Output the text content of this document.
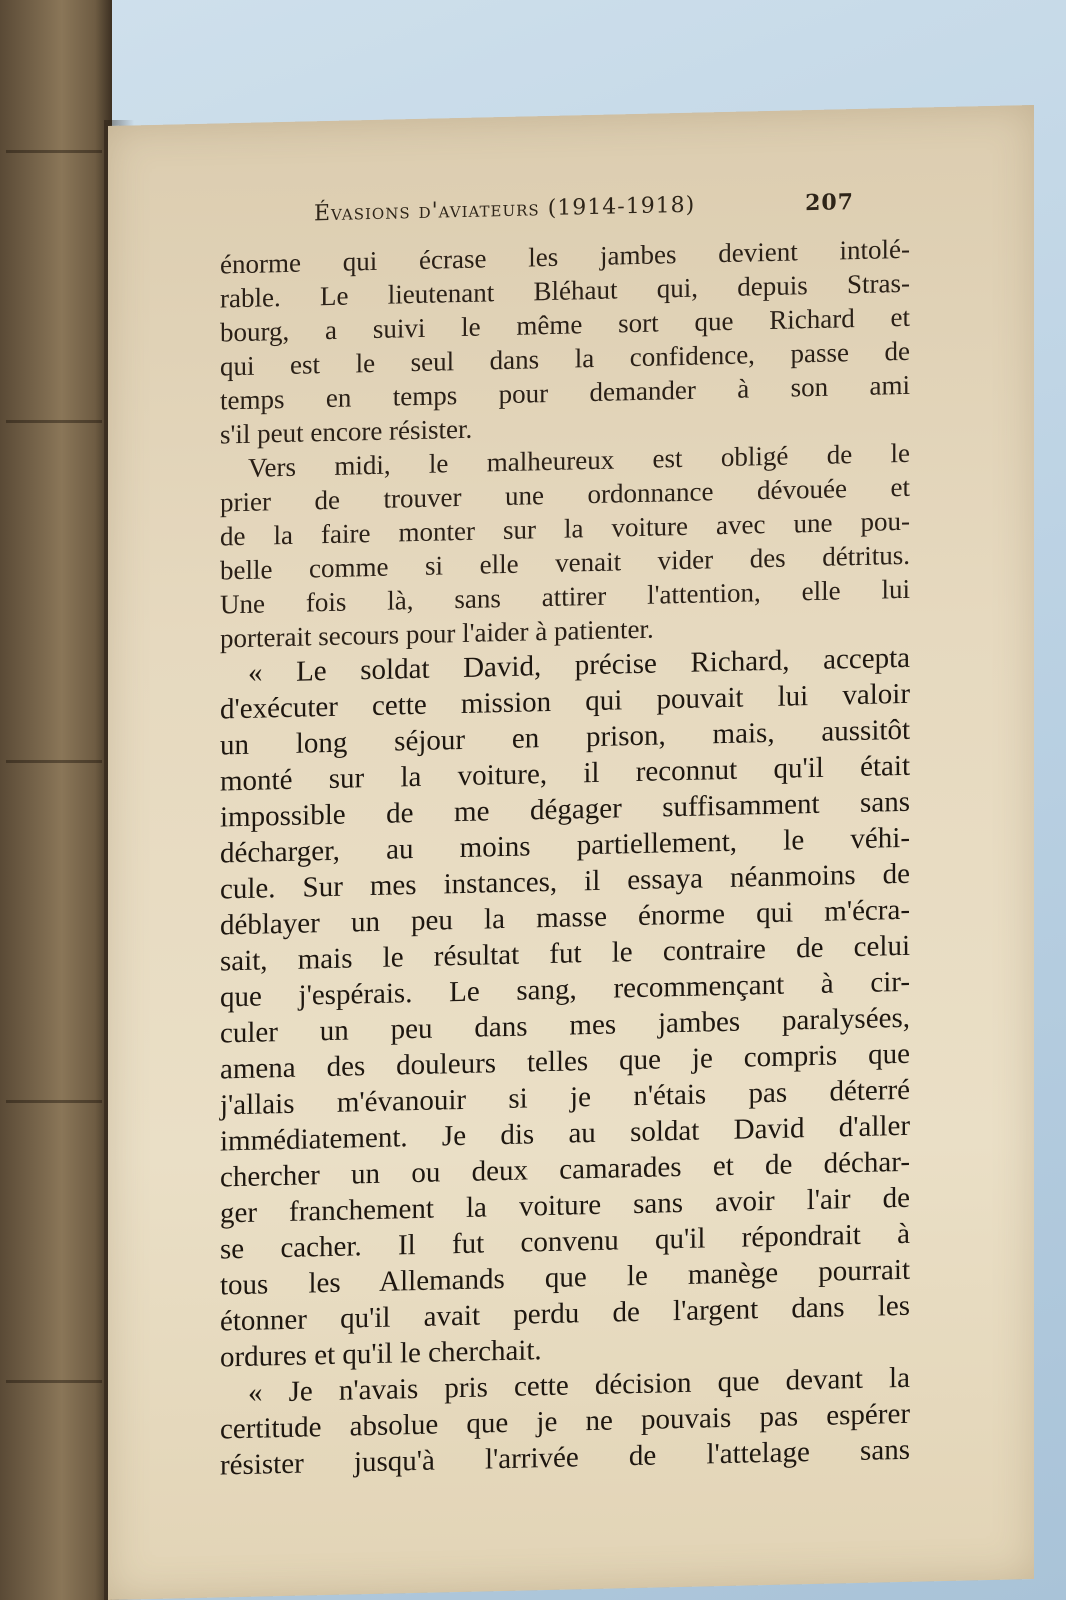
Évasions d'aviateurs (1914-1918)	207
énorme qui écrase les jambes devient intolé-
rable. Le lieutenant Bléhaut qui, depuis Stras-
bourg, a suivi le même sort que Richard et
qui est le seul dans la confidence, passe de
temps en temps pour demander à son ami
s'il peut encore résister.
Vers midi, le malheureux est obligé de le
prier de trouver une ordonnance dévouée et
de la faire monter sur la voiture avec une pou-
belle comme si elle venait vider des détritus.
Une fois là, sans attirer l'attention, elle lui
porterait secours pour l'aider à patienter.
« Le soldat David, précise Richard, accepta
d'exécuter cette mission qui pouvait lui valoir
un long séjour en prison, mais, aussitôt
monté sur la voiture, il reconnut qu'il était
impossible de me dégager suffisamment sans
décharger, au moins partiellement, le véhi-
cule. Sur mes instances, il essaya néanmoins de
déblayer un peu la masse énorme qui m'écra-
sait, mais le résultat fut le contraire de celui
que j'espérais. Le sang, recommençant à cir-
culer un peu dans mes jambes paralysées,
amena des douleurs telles que je compris que
j'allais m'évanouir si je n'étais pas déterré
immédiatement. Je dis au soldat David d'aller
chercher un ou deux camarades et de déchar-
ger franchement la voiture sans avoir l'air de
se cacher. Il fut convenu qu'il répondrait à
tous les Allemands que le manège pourrait
étonner qu'il avait perdu de l'argent dans les
ordures et qu'il le cherchait.
« Je n'avais pris cette décision que devant la
certitude absolue que je ne pouvais pas espérer
résister jusqu'à l'arrivée de l'attelage sans
